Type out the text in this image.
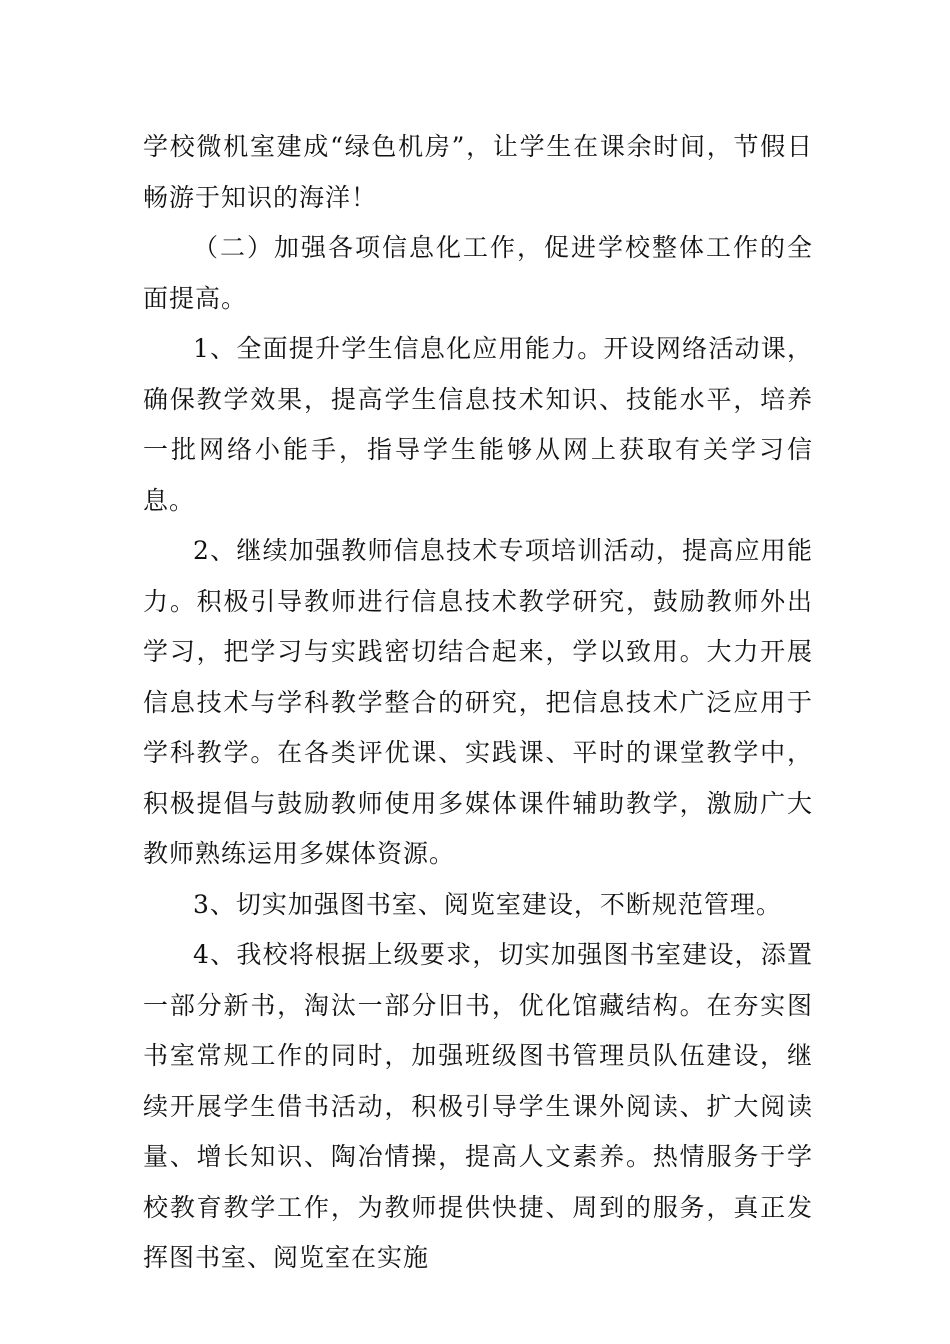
学校微机室建成“绿色机房”，让学生在课余时间，节假日畅游于知识的海洋！

（二）加强各项信息化工作，促进学校整体工作的全面提高。

1、全面提升学生信息化应用能力。开设网络活动课，确保教学效果，提高学生信息技术知识、技能水平，培养一批网络小能手，指导学生能够从网上获取有关学习信息。

2、继续加强教师信息技术专项培训活动，提高应用能力。积极引导教师进行信息技术教学研究，鼓励教师外出学习，把学习与实践密切结合起来，学以致用。大力开展信息技术与学科教学整合的研究，把信息技术广泛应用于学科教学。在各类评优课、实践课、平时的课堂教学中，积极提倡与鼓励教师使用多媒体课件辅助教学，激励广大教师熟练运用多媒体资源。

3、切实加强图书室、阅览室建设，不断规范管理。

4、我校将根据上级要求，切实加强图书室建设，添置一部分新书，淘汰一部分旧书，优化馆藏结构。在夯实图书室常规工作的同时，加强班级图书管理员队伍建设，继续开展学生借书活动，积极引导学生课外阅读、扩大阅读量、增长知识、陶冶情操，提高人文素养。热情服务于学校教育教学工作，为教师提供快捷、周到的服务，真正发挥图书室、阅览室在实施
